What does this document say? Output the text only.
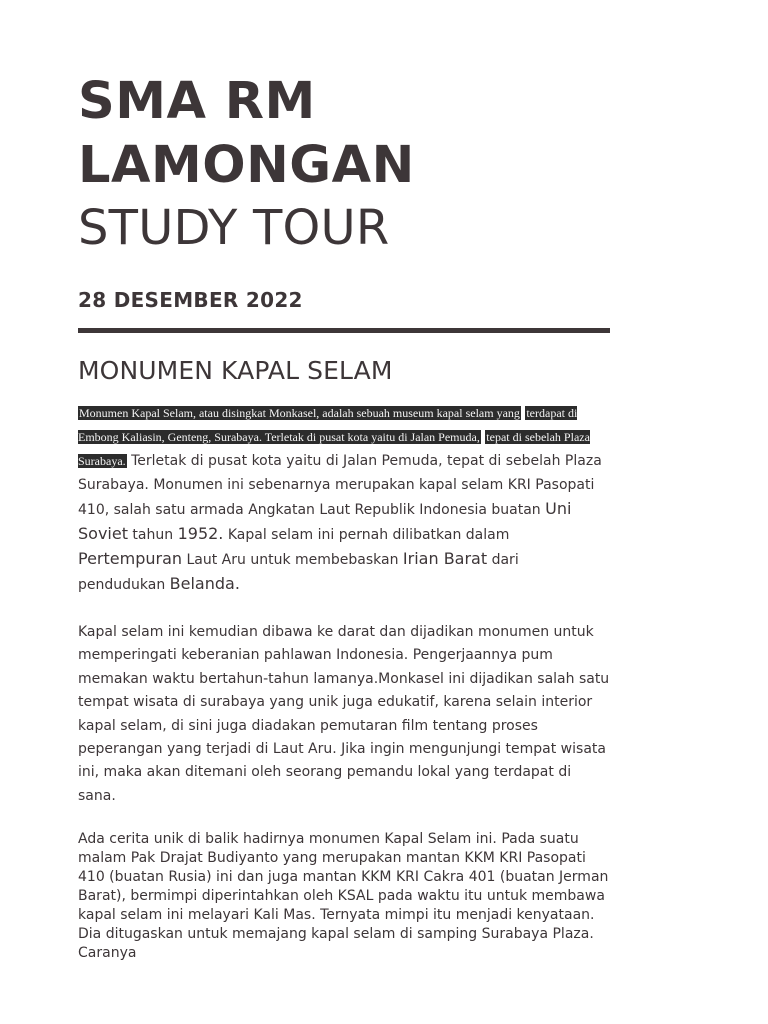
SMA RM
LAMONGAN
STUDY TOUR
28 DESEMBER 2022
MONUMEN KAPAL SELAM

Monumen Kapal Selam, atau disingkat Monkasel, adalah sebuah museum kapal selam yang terdapat di Embong Kaliasin, Genteng, Surabaya. Terletak di pusat kota yaitu di Jalan Pemuda, tepat di sebelah Plaza Surabaya. Terletak di pusat kota yaitu di Jalan Pemuda, tepat di sebelah Plaza Surabaya. Monumen ini sebenarnya merupakan kapal selam KRI Pasopati 410, salah satu armada Angkatan Laut Republik Indonesia buatan Uni Soviet tahun 1952. Kapal selam ini pernah dilibatkan dalam Pertempuran Laut Aru untuk membebaskan Irian Barat dari pendudukan Belanda.

Kapal selam ini kemudian dibawa ke darat dan dijadikan monumen untuk memperingati keberanian pahlawan Indonesia. Pengerjaannya pum memakan waktu bertahun-tahun lamanya.Monkasel ini dijadikan salah satu tempat wisata di surabaya yang unik juga edukatif, karena selain interior kapal selam, di sini juga diadakan pemutaran film tentang proses peperangan yang terjadi di Laut Aru. Jika ingin mengunjungi tempat wisata ini, maka akan ditemani oleh seorang pemandu lokal yang terdapat di sana.

Ada cerita unik di balik hadirnya monumen Kapal Selam ini. Pada suatu malam Pak Drajat Budiyanto yang merupakan mantan KKM KRI Pasopati 410 (buatan Rusia) ini dan juga mantan KKM KRI Cakra 401 (buatan Jerman Barat), bermimpi diperintahkan oleh KSAL pada waktu itu untuk membawa kapal selam ini melayari Kali Mas. Ternyata mimpi itu menjadi kenyataan. Dia ditugaskan untuk memajang kapal selam di samping Surabaya Plaza. Caranya
